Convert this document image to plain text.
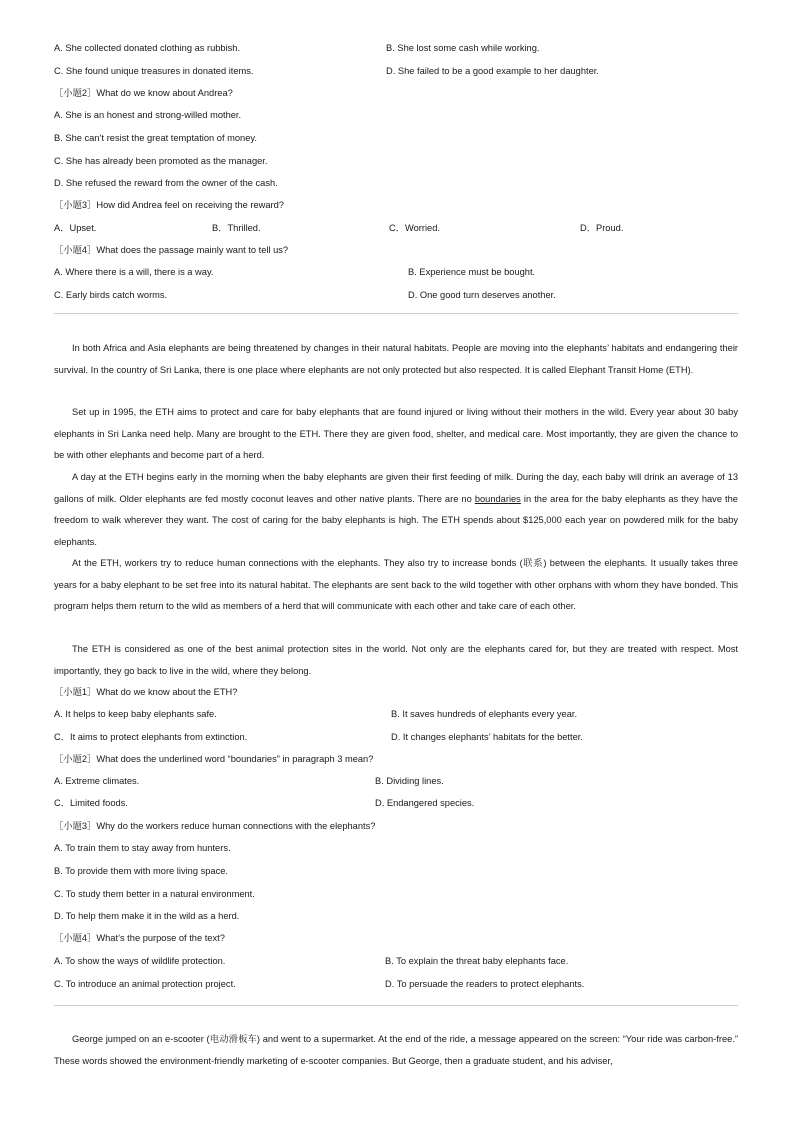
A. She collected donated clothing as rubbish.	B. She lost some cash while working.
C. She found unique treasures in donated items.	D. She failed to be a good example to her daughter.
［小题2］What do we know about Andrea?
A. She is an honest and strong-willed mother.
B. She can’t resist the great temptation of money.
C. She has already been promoted as the manager.
D. She refused the reward from the owner of the cash.
［小题3］How did Andrea feel on receiving the reward?
A．Upset.	B．Thrilled.	C．Worried.	D．Proud.
［小题4］What does the passage mainly want to tell us?
A. Where there is a will, there is a way.	B. Experience must be bought.
C. Early birds catch worms.	D. One good turn deserves another.
In both Africa and Asia elephants are being threatened by changes in their natural habitats. People are moving into the elephants’ habitats and endangering their survival. In the country of Sri Lanka, there is one place where elephants are not only protected but also respected. It is called Elephant Transit Home (ETH).
Set up in 1995, the ETH aims to protect and care for baby elephants that are found injured or living without their mothers in the wild. Every year about 30 baby elephants in Sri Lanka need help. Many are brought to the ETH. There they are given food, shelter, and medical care. Most importantly, they are given the chance to be with other elephants and become part of a herd.
A day at the ETH begins early in the morning when the baby elephants are given their first feeding of milk. During the day, each baby will drink an average of 13 gallons of milk. Older elephants are fed mostly coconut leaves and other native plants. There are no boundaries in the area for the baby elephants as they have the freedom to walk wherever they want. The cost of caring for the baby elephants is high. The ETH spends about $125,000 each year on powdered milk for the baby elephants.
At the ETH, workers try to reduce human connections with the elephants. They also try to increase bonds (联系) between the elephants. It usually takes three years for a baby elephant to be set free into its natural habitat. The elephants are sent back to the wild together with other orphans with whom they have bonded. This program helps them return to the wild as members of a herd that will communicate with each other and take care of each other.
The ETH is considered as one of the best animal protection sites in the world. Not only are the elephants cared for, but they are treated with respect. Most importantly, they go back to live in the wild, where they belong.
［小题1］What do we know about the ETH?
A. It helps to keep baby elephants safe.	B. It saves hundreds of elephants every year.
C．It aims to protect elephants from extinction.	D. It changes elephants’ habitats for the better.
［小题2］What does the underlined word “boundaries” in paragraph 3 mean?
A. Extreme climates.	B. Dividing lines.
C．Limited foods.	D. Endangered species.
［小题3］Why do the workers reduce human connections with the elephants?
A. To train them to stay away from hunters.
B. To provide them with more living space.
C. To study them better in a natural environment.
D. To help them make it in the wild as a herd.
［小题4］What’s the purpose of the text?
A. To show the ways of wildlife protection.	B. To explain the threat baby elephants face.
C. To introduce an animal protection project.	D. To persuade the readers to protect elephants.
George jumped on an e-scooter (电动滑板车) and went to a supermarket. At the end of the ride, a message appeared on the screen: “Your ride was carbon-free.” These words showed the environment-friendly marketing of e-scooter companies. But George, then a graduate student, and his adviser,
